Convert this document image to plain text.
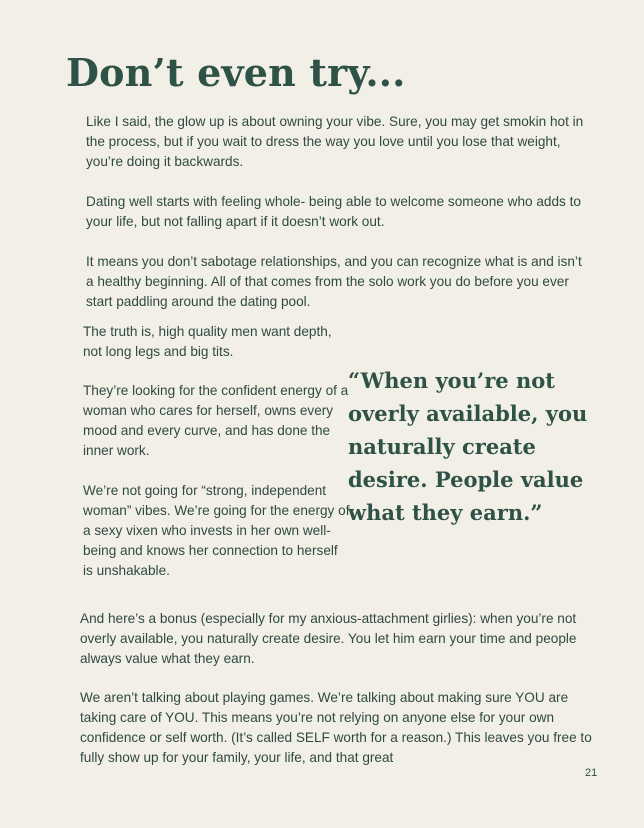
Don’t even try...

Like I said, the glow up is about owning your vibe. Sure, you may get smokin hot in the process, but if you wait to dress the way you love until you lose that weight, you’re doing it backwards.

Dating well starts with feeling whole- being able to welcome someone who adds to your life, but not falling apart if it doesn’t work out.

It means you don’t sabotage relationships, and you can recognize what is and isn’t a healthy beginning. All of that comes from the solo work you do before you ever start paddling around the dating pool.

The truth is, high quality men want depth, not long legs and big tits.

They’re looking for the confident energy of a woman who cares for herself, owns every mood and every curve, and has done the inner work.

We’re not going for “strong, independent woman” vibes. We’re going for the energy of a sexy vixen who invests in her own well-being and knows her connection to herself is unshakable.

“When you’re not overly available, you naturally create desire. People value what they earn.”

And here’s a bonus (especially for my anxious-attachment girlies): when you’re not overly available, you naturally create desire. You let him earn your time and people always value what they earn.

We aren’t talking about playing games. We’re talking about making sure YOU are taking care of YOU. This means you’re not relying on anyone else for your own confidence or self worth. (It’s called SELF worth for a reason.) This leaves you free to fully show up for your family, your life, and that great

21
